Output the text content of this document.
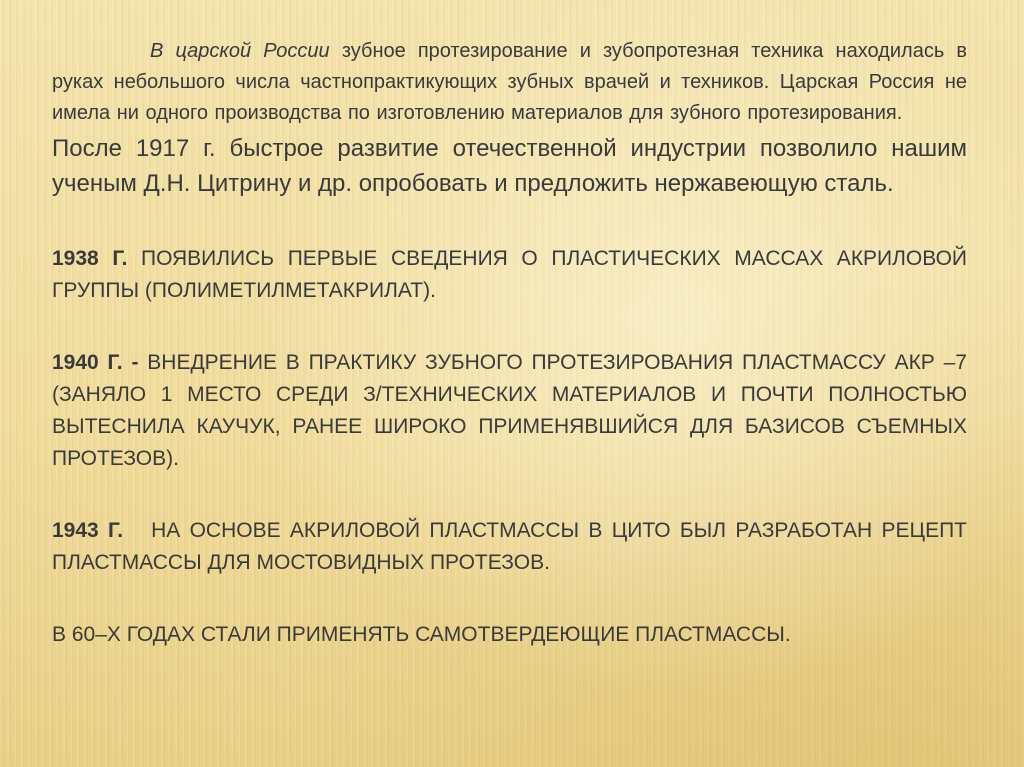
В царской России зубное протезирование и зубопротезная техника находилась в руках небольшого числа частнопрактикующих зубных врачей и техников. Царская Россия не имела ни одного производства по изготовлению материалов для зубного протезирования.

После 1917 г. быстрое развитие отечественной индустрии позволило нашим ученым Д.Н. Цитрину и др. опробовать и предложить нержавеющую сталь.

1938 Г. ПОЯВИЛИСЬ ПЕРВЫЕ СВЕДЕНИЯ О ПЛАСТИЧЕСКИХ МАССАХ АКРИЛОВОЙ ГРУППЫ (ПОЛИМЕТИЛМЕТАКРИЛАТ).

1940 Г. - ВНЕДРЕНИЕ В ПРАКТИКУ ЗУБНОГО ПРОТЕЗИРОВАНИЯ ПЛАСТМАССУ АКР –7 (ЗАНЯЛО 1 МЕСТО СРЕДИ З/ТЕХНИЧЕСКИХ МАТЕРИАЛОВ И ПОЧТИ ПОЛНОСТЬЮ ВЫТЕСНИЛА КАУЧУК, РАНЕЕ ШИРОКО ПРИМЕНЯВШИЙСЯ ДЛЯ БАЗИСОВ СЪЕМНЫХ ПРОТЕЗОВ).

1943 Г.   НА ОСНОВЕ АКРИЛОВОЙ ПЛАСТМАССЫ В ЦИТО БЫЛ РАЗРАБОТАН РЕЦЕПТ ПЛАСТМАССЫ ДЛЯ МОСТОВИДНЫХ ПРОТЕЗОВ.

В 60–Х ГОДАХ СТАЛИ ПРИМЕНЯТЬ САМОТВЕРДЕЮЩИЕ ПЛАСТМАССЫ.
